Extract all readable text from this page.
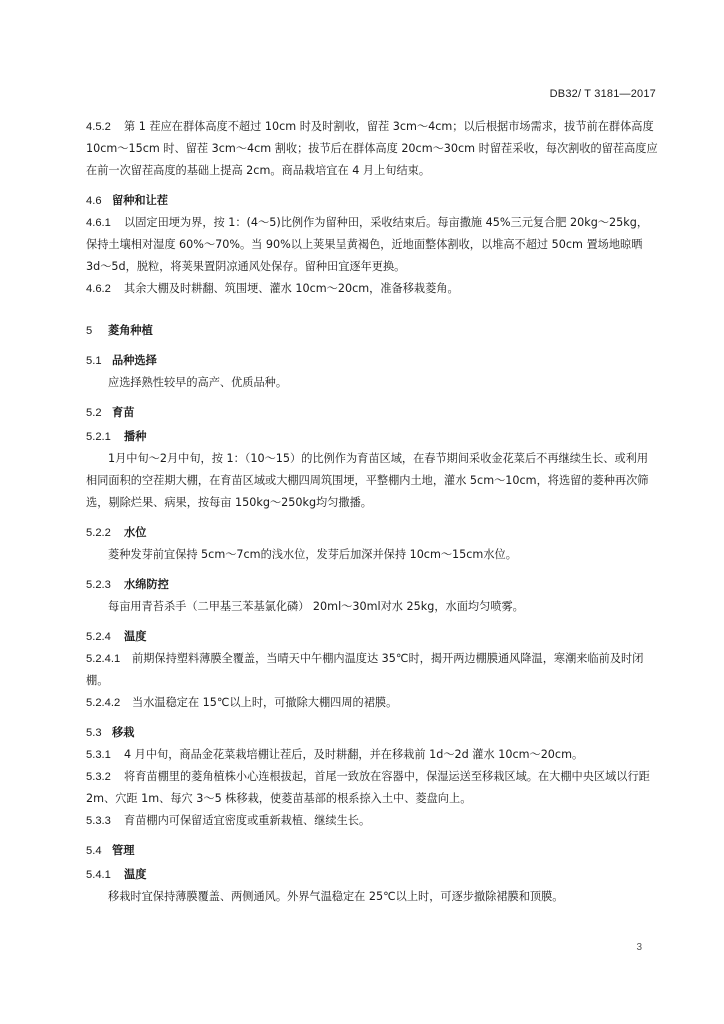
DB32/ T 3181—2017
4.5.2 第 1 茬应在群体高度不超过 10cm 时及时割收，留茬 3cm～4cm；以后根据市场需求，拔节前在群体高度 10cm～15cm 时、留茬 3cm～4cm 割收；拔节后在群体高度 20cm～30cm 时留茬采收，每次割收的留茬高度应在前一次留茬高度的基础上提高 2cm。商品栽培宜在 4 月上旬结束。
4.6 留种和让茬
4.6.1 以固定田埂为界，按 1：(4～5)比例作为留种田，采收结束后。每亩撒施 45%三元复合肥 20kg～25kg，保持土壤相对湿度 60%～70%。当 90%以上荚果呈黄褐色，近地面整体割收，以堆高不超过 50cm 置场地晾晒 3d～5d，脱粒，将荚果置阴凉通风处保存。留种田宜逐年更换。
4.6.2 其余大棚及时耕翻、筑围埂、灌水 10cm～20cm，准备移栽菱角。
5 菱角种植
5.1 品种选择
应选择熟性较早的高产、优质品种。
5.2 育苗
5.2.1 播种
1月中旬～2月中旬，按 1：（10～15）的比例作为育苗区域，在春节期间采收金花菜后不再继续生长、或利用相同面积的空茬期大棚，在育苗区域或大棚四周筑围埂，平整棚内土地，灌水 5cm～10cm，将选留的菱种再次筛选，剔除烂果、病果，按每亩 150kg～250kg均匀撒播。
5.2.2 水位
菱种发芽前宜保持 5cm～7cm的浅水位，发芽后加深并保持 10cm～15cm水位。
5.2.3 水绵防控
每亩用青苔杀手（二甲基三苯基氯化磷） 20ml～30ml对水 25kg，水面均匀喷雾。
5.2.4 温度
5.2.4.1 前期保持塑料薄膜全覆盖，当晴天中午棚内温度达 35℃时，揭开两边棚膜通风降温，寒潮来临前及时闭棚。
5.2.4.2 当水温稳定在 15℃以上时，可撤除大棚四周的裙膜。
5.3 移栽
5.3.1 4 月中旬，商品金花菜栽培棚让茬后，及时耕翻，并在移栽前 1d～2d 灌水 10cm～20cm。
5.3.2 将育苗棚里的菱角植株小心连根拔起，首尾一致放在容器中，保湿运送至移栽区域。在大棚中央区域以行距 2m、穴距 1m、每穴 3～5 株移栽，使菱苗基部的根系捺入土中、菱盘向上。
5.3.3 育苗棚内可保留适宜密度或重新栽植、继续生长。
5.4 管理
5.4.1 温度
移栽时宜保持薄膜覆盖、两侧通风。外界气温稳定在 25℃以上时，可逐步撤除裙膜和顶膜。
3
